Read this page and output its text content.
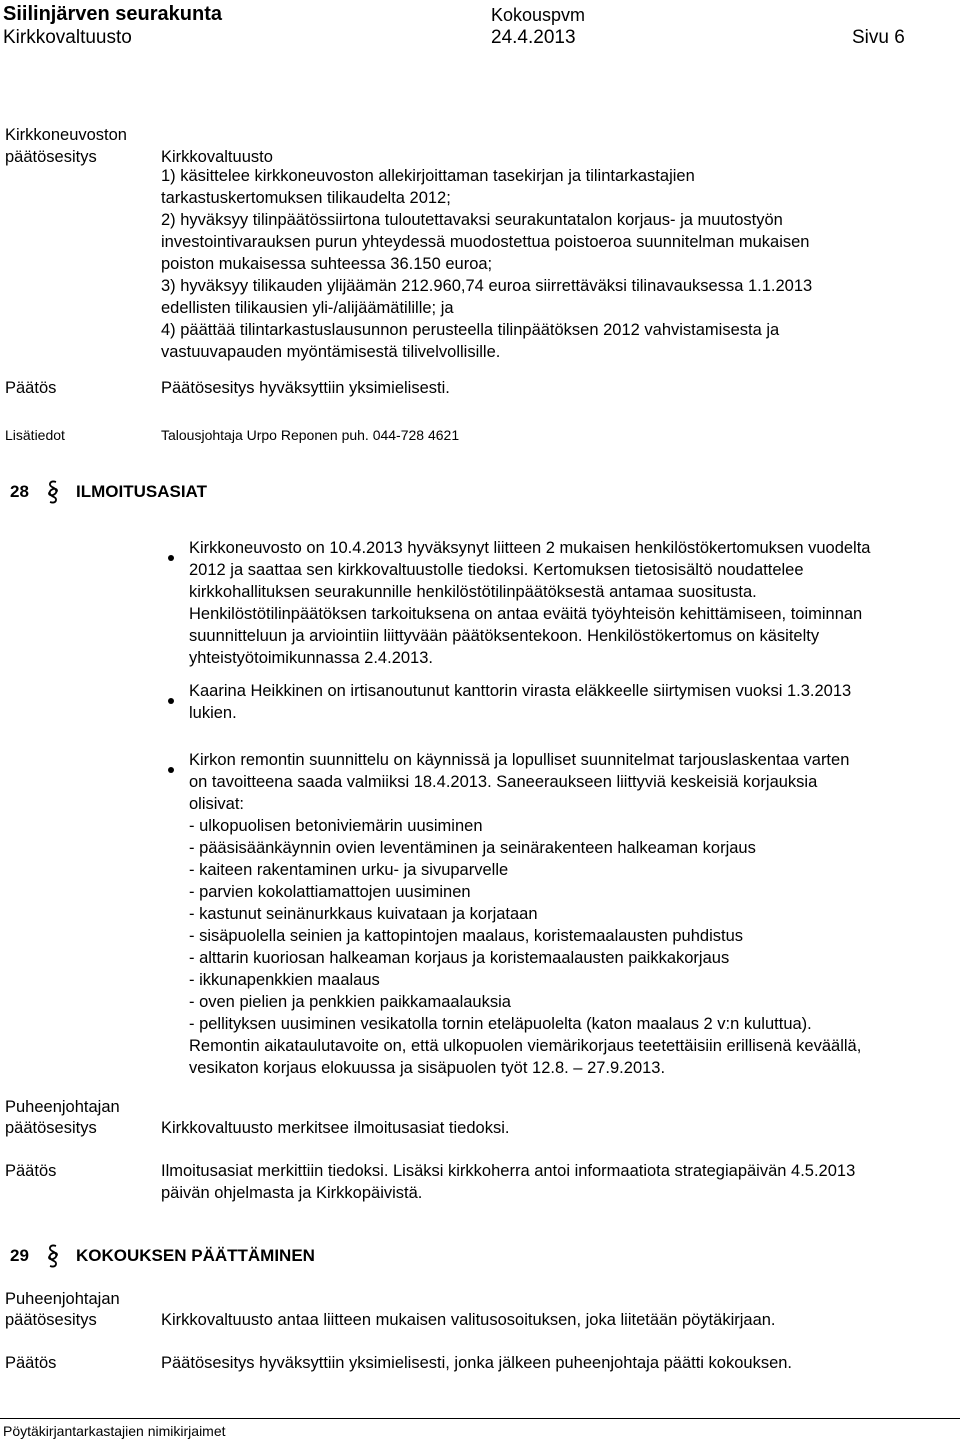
Siilinjärven seurakunta	Kokouspvm
Kirkkovaltuusto	24.4.2013	Sivu 6
Kirkkoneuvoston
päätösesitys	Kirkkovaltuusto
1) käsittelee kirkkoneuvoston allekirjoittaman tasekirjan ja tilintarkastajien
tarkastuskertomuksen tilikaudelta 2012;
2) hyväksyy tilinpäätössiirtona tuloutettavaksi seurakuntatalon korjaus- ja muutostyön
investointivarauksen purun yhteydessä muodostettua poistoeroa suunnitelman mukaisen
poiston mukaisessa suhteessa 36.150 euroa;
3) hyväksyy tilikauden ylijäämän 212.960,74 euroa siirrettäväksi tilinavauksessa 1.1.2013
edellisten tilikausien yli-/alijäämätilille; ja
4) päättää tilintarkastuslausunnon perusteella tilinpäätöksen 2012 vahvistamisesta ja
vastuuvapauden myöntämisestä tilivelvollisille.
Päätös	Päätösesitys hyväksyttiin yksimielisesti.
Lisätiedot	Talousjohtaja Urpo Reponen puh. 044-728 4621
28	ILMOITUSASIAT
Kirkkoneuvosto on 10.4.2013 hyväksynyt liitteen 2 mukaisen henkilöstökertomuksen vuodelta
2012 ja saattaa sen kirkkovaltuustolle tiedoksi. Kertomuksen tietosisältö noudattelee
kirkkohallituksen seurakunnille henkilöstötilinpäätöksestä antamaa suositusta.
Henkilöstötilinpäätöksen tarkoituksena on antaa eväitä työyhteisön kehittämiseen, toiminnan
suunnitteluun ja arviointiin liittyvään päätöksentekoon. Henkilöstökertomus on käsitelty
yhteistyötoimikunnassa 2.4.2013.
Kaarina Heikkinen on irtisanoutunut kanttorin virasta eläkkeelle siirtymisen vuoksi 1.3.2013
lukien.
Kirkon remontin suunnittelu on käynnissä ja lopulliset suunnitelmat tarjouslaskentaa varten
on tavoitteena saada valmiiksi 18.4.2013. Saneeraukseen liittyviä keskeisiä korjauksia
olisivat:
- ulkopuolisen betoniviemärin uusiminen
- pääsisäänkäynnin ovien leventäminen ja seinärakenteen halkeaman korjaus
- kaiteen rakentaminen urku- ja sivuparvelle
- parvien kokolattiamattojen uusiminen
- kastunut seinänurkkaus kuivataan ja korjataan
- sisäpuolella seinien ja kattopintojen maalaus, koristemaalausten puhdistus
- alttarin kuoriosan halkeaman korjaus ja koristemaalausten paikkakorjaus
- ikkunapenkkien maalaus
- oven pielien ja penkkien paikkamaalauksia
- pellityksen uusiminen vesikatolla tornin eteläpuolelta (katon maalaus 2 v:n kuluttua).
Remontin aikataulutavoite on, että ulkopuolen viemärikorjaus teetettäisiin erillisenä keväällä,
vesikaton korjaus elokuussa ja sisäpuolen työt 12.8. – 27.9.2013.
Puheenjohtajan
päätösesitys	Kirkkovaltuusto merkitsee ilmoitusasiat tiedoksi.
Päätös	Ilmoitusasiat merkittiin tiedoksi. Lisäksi kirkkoherra antoi informaatiota strategiapäivän 4.5.2013
päivän ohjelmasta ja Kirkkopäivistä.
29	KOKOUKSEN PÄÄTTÄMINEN
Puheenjohtajan
päätösesitys	Kirkkovaltuusto antaa liitteen mukaisen valitusosoituksen, joka liitetään pöytäkirjaan.
Päätös	Päätösesitys hyväksyttiin yksimielisesti, jonka jälkeen puheenjohtaja päätti kokouksen.
Pöytäkirjantarkastajien nimikirjaimet
